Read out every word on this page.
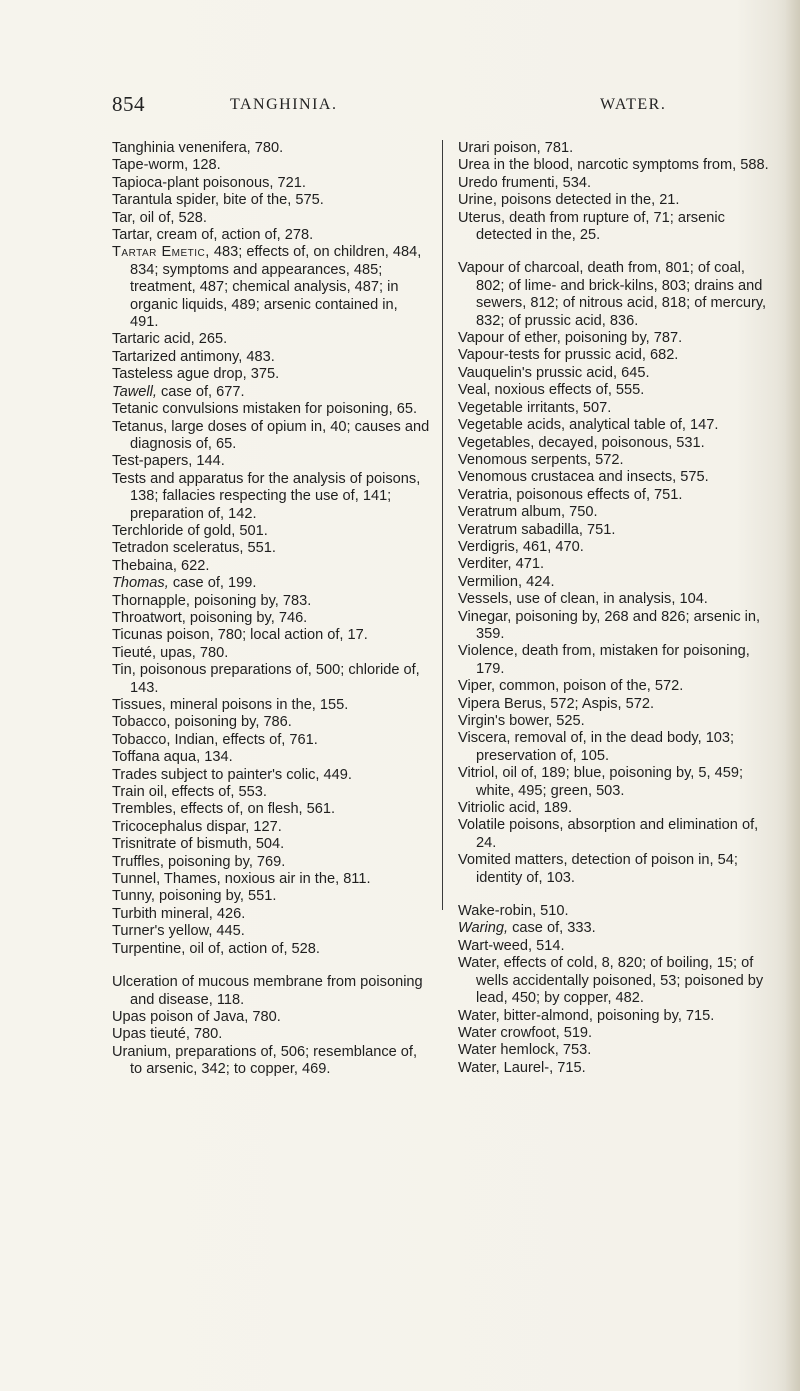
854	TANGHINIA.	WATER.

Tanghinia venenifera, 780.

Tape-worm, 128.

Tapioca-plant poisonous, 721.

Tarantula spider, bite of the, 575.

Tar, oil of, 528.

Tartar, cream of, action of, 278.

Tartar Emetic, 483; effects of, on children, 484, 834; symptoms and appearances, 485; treatment, 487; chemical analysis, 487; in organic liquids, 489; arsenic contained in, 491.

Tartaric acid, 265.

Tartarized antimony, 483.

Tasteless ague drop, 375.

Tawell, case of, 677.

Tetanic convulsions mistaken for poisoning, 65.

Tetanus, large doses of opium in, 40; causes and diagnosis of, 65.

Test-papers, 144.

Tests and apparatus for the analysis of poisons, 138; fallacies respecting the use of, 141; preparation of, 142.

Terchloride of gold, 501.

Tetradon sceleratus, 551.

Thebaina, 622.

Thomas, case of, 199.

Thornapple, poisoning by, 783.

Throatwort, poisoning by, 746.

Ticunas poison, 780; local action of, 17.

Tieuté, upas, 780.

Tin, poisonous preparations of, 500; chloride of, 143.

Tissues, mineral poisons in the, 155.

Tobacco, poisoning by, 786.

Tobacco, Indian, effects of, 761.

Toffana aqua, 134.

Trades subject to painter's colic, 449.

Train oil, effects of, 553.

Trembles, effects of, on flesh, 561.

Tricocephalus dispar, 127.

Trisnitrate of bismuth, 504.

Truffles, poisoning by, 769.

Tunnel, Thames, noxious air in the, 811.

Tunny, poisoning by, 551.

Turbith mineral, 426.

Turner's yellow, 445.

Turpentine, oil of, action of, 528.

Ulceration of mucous membrane from poisoning and disease, 118.

Upas poison of Java, 780.

Upas tieuté, 780.

Uranium, preparations of, 506; resemblance of, to arsenic, 342; to copper, 469.

Urari poison, 781.

Urea in the blood, narcotic symptoms from, 588.

Uredo frumenti, 534.

Urine, poisons detected in the, 21.

Uterus, death from rupture of, 71; arsenic detected in the, 25.

Vapour of charcoal, death from, 801; of coal, 802; of lime- and brick-kilns, 803; drains and sewers, 812; of nitrous acid, 818; of mercury, 832; of prussic acid, 836.

Vapour of ether, poisoning by, 787.

Vapour-tests for prussic acid, 682.

Vauquelin's prussic acid, 645.

Veal, noxious effects of, 555.

Vegetable irritants, 507.

Vegetable acids, analytical table of, 147.

Vegetables, decayed, poisonous, 531.

Venomous serpents, 572.

Venomous crustacea and insects, 575.

Veratria, poisonous effects of, 751.

Veratrum album, 750.

Veratrum sabadilla, 751.

Verdigris, 461, 470.

Verditer, 471.

Vermilion, 424.

Vessels, use of clean, in analysis, 104.

Vinegar, poisoning by, 268 and 826; arsenic in, 359.

Violence, death from, mistaken for poisoning, 179.

Viper, common, poison of the, 572.

Vipera Berus, 572; Aspis, 572.

Virgin's bower, 525.

Viscera, removal of, in the dead body, 103; preservation of, 105.

Vitriol, oil of, 189; blue, poisoning by, 5, 459; white, 495; green, 503.

Vitriolic acid, 189.

Volatile poisons, absorption and elimination of, 24.

Vomited matters, detection of poison in, 54; identity of, 103.

Wake-robin, 510.

Waring, case of, 333.

Wart-weed, 514.

Water, effects of cold, 8, 820; of boiling, 15; of wells accidentally poisoned, 53; poisoned by lead, 450; by copper, 482.

Water, bitter-almond, poisoning by, 715.

Water crowfoot, 519.

Water hemlock, 753.

Water, Laurel-, 715.
